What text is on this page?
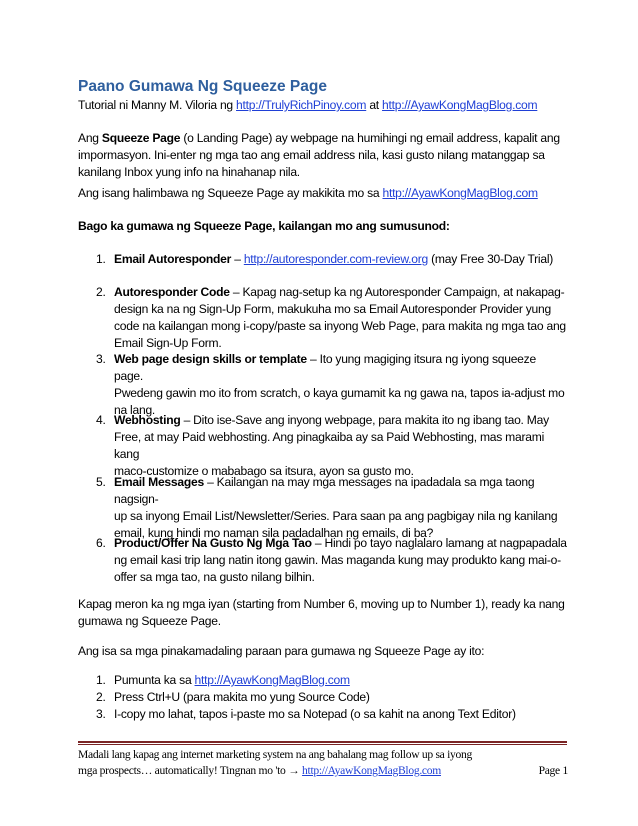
Paano Gumawa Ng Squeeze Page
Tutorial ni Manny M. Viloria ng http://TrulyRichPinoy.com at http://AyawKongMagBlog.com
Ang Squeeze Page (o Landing Page) ay webpage na humihingi ng email address, kapalit ang
impormasyon. Ini-enter ng mga tao ang email address nila, kasi gusto nilang matanggap sa
kanilang Inbox yung info na hinahanap nila.
Ang isang halimbawa ng Squeeze Page ay makikita mo sa http://AyawKongMagBlog.com
Bago ka gumawa ng Squeeze Page, kailangan mo ang sumusunod:
1. Email Autoresponder – http://autoresponder.com-review.org (may Free 30-Day Trial)
2. Autoresponder Code – Kapag nag-setup ka ng Autoresponder Campaign, at nakapag-
design ka na ng Sign-Up Form, makukuha mo sa Email Autoresponder Provider yung
code na kailangan mong i-copy/paste sa inyong Web Page, para makita ng mga tao ang
Email Sign-Up Form.
3. Web page design skills or template – Ito yung magiging itsura ng iyong squeeze page.
Pwedeng gawin mo ito from scratch, o kaya gumamit ka ng gawa na, tapos ia-adjust mo
na lang.
4. Webhosting – Dito ise-Save ang inyong webpage, para makita ito ng ibang tao. May
Free, at may Paid webhosting. Ang pinagkaiba ay sa Paid Webhosting, mas marami kang
maco-customize o mababago sa itsura, ayon sa gusto mo.
5. Email Messages – Kailangan na may mga messages na ipadadala sa mga taong nagsign-
up sa inyong Email List/Newsletter/Series. Para saan pa ang pagbigay nila ng kanilang
email, kung hindi mo naman sila padadalhan ng emails, di ba?
6. Product/Offer Na Gusto Ng Mga Tao – Hindi po tayo naglalaro lamang at nagpapadala
ng email kasi trip lang natin itong gawin. Mas maganda kung may produkto kang mai-o-
offer sa mga tao, na gusto nilang bilhin.
Kapag meron ka ng mga iyan (starting from Number 6, moving up to Number 1), ready ka nang
gumawa ng Squeeze Page.
Ang isa sa mga pinakamadaling paraan para gumawa ng Squeeze Page ay ito:
1. Pumunta ka sa http://AyawKongMagBlog.com
2. Press Ctrl+U (para makita mo yung Source Code)
3. I-copy mo lahat, tapos i-paste mo sa Notepad (o sa kahit na anong Text Editor)
Madali lang kapag ang internet marketing system na ang bahalang mag follow up sa iyong
mga prospects… automatically! Tingnan mo 'to → http://AyawKongMagBlog.com	Page 1
